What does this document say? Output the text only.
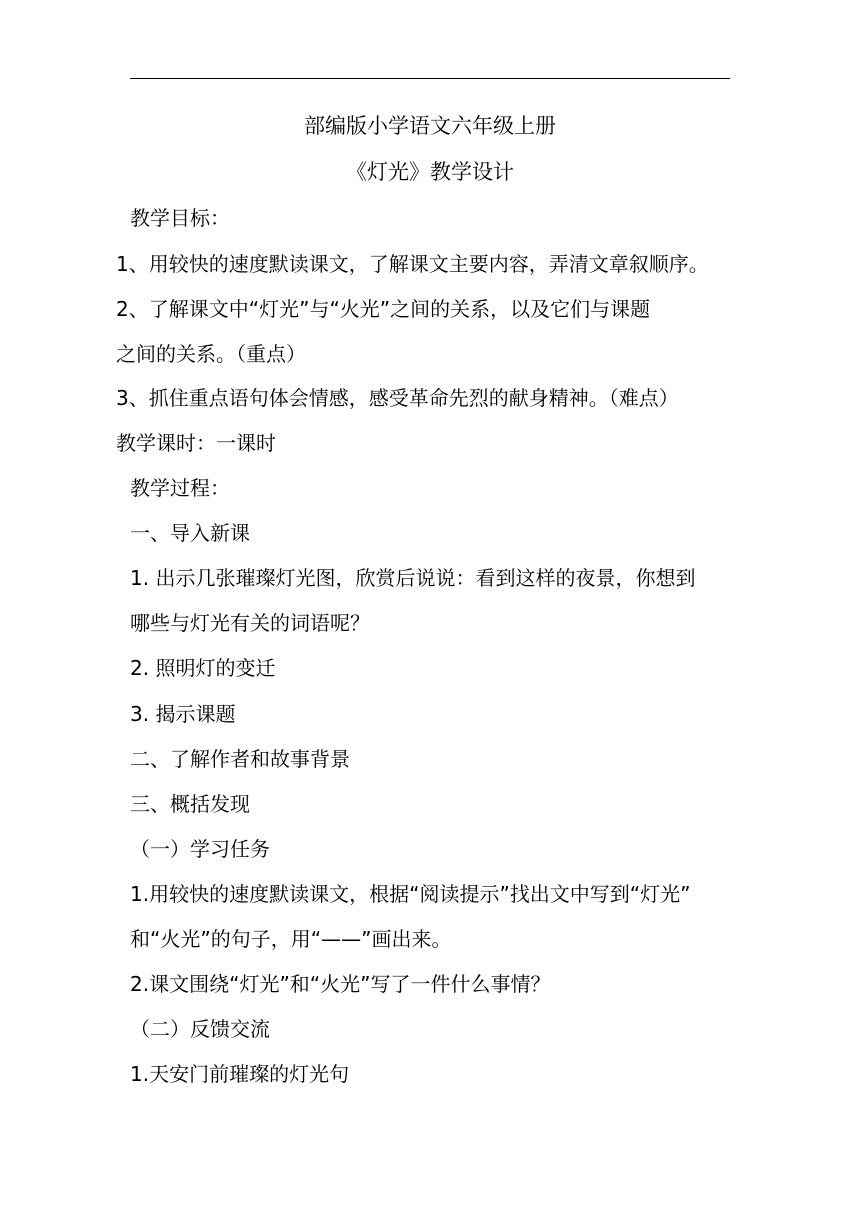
部编版小学语文六年级上册
《灯光》教学设计
教学目标：
1、用较快的速度默读课文，了解课文主要内容，弄清文章叙顺序。
2、了解课文中“灯光”与“火光”之间的关系，以及它们与课题
之间的关系。（重点）
3、抓住重点语句体会情感，感受革命先烈的献身精神。（难点）
教学课时：一课时
教学过程：
一、导入新课
1. 出示几张璀璨灯光图，欣赏后说说：看到这样的夜景，你想到
哪些与灯光有关的词语呢？
2. 照明灯的变迁
3. 揭示课题
二、了解作者和故事背景
三、概括发现
（一）学习任务
1.用较快的速度默读课文，根据“阅读提示”找出文中写到“灯光”
和“火光”的句子，用“——”画出来。
2.课文围绕“灯光”和“火光”写了一件什么事情？
（二）反馈交流
1.天安门前璀璨的灯光句
